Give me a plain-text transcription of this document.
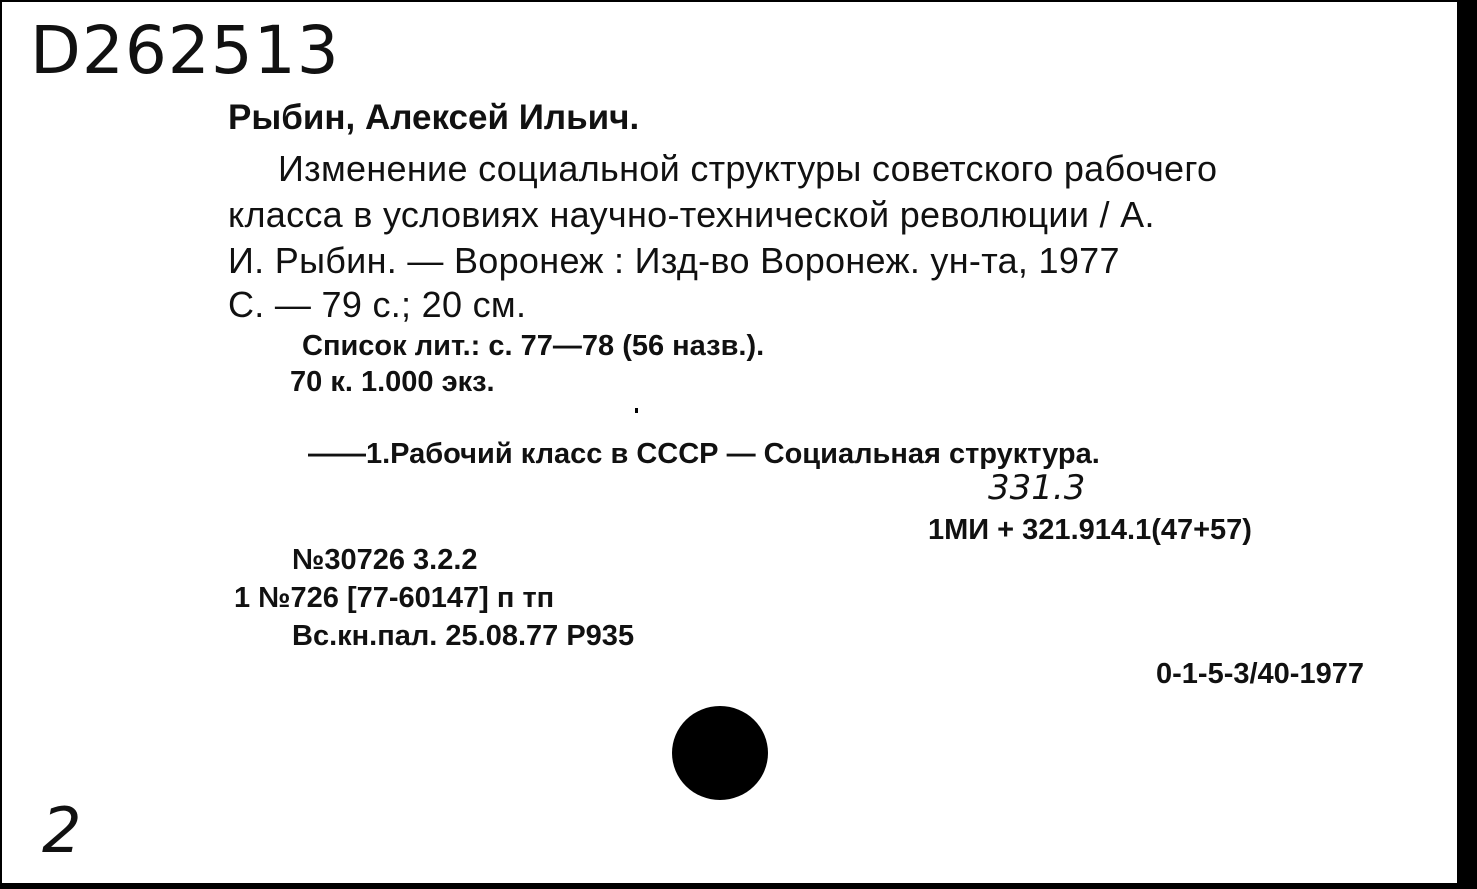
D262513
Рыбин, Алексей Ильич.
Изменение социальной структуры советского рабочего
класса в условиях научно-технической революции / А.
И. Рыбин. — Воронеж : Изд-во Воронеж. ун-та, 1977
С. — 79 с.; 20 см.
Список лит.: с. 77—78 (56 назв.).
70 к. 1.000 экз.
——1.Рабочий класс в СССР — Социальная структура.
331.3
1МИ + 321.914.1(47+57)
№30726 3.2.2
1 №726 [77-60147] п тп
Вс.кн.пал. 25.08.77 Р935
0-1-5-3/40-1977
2
